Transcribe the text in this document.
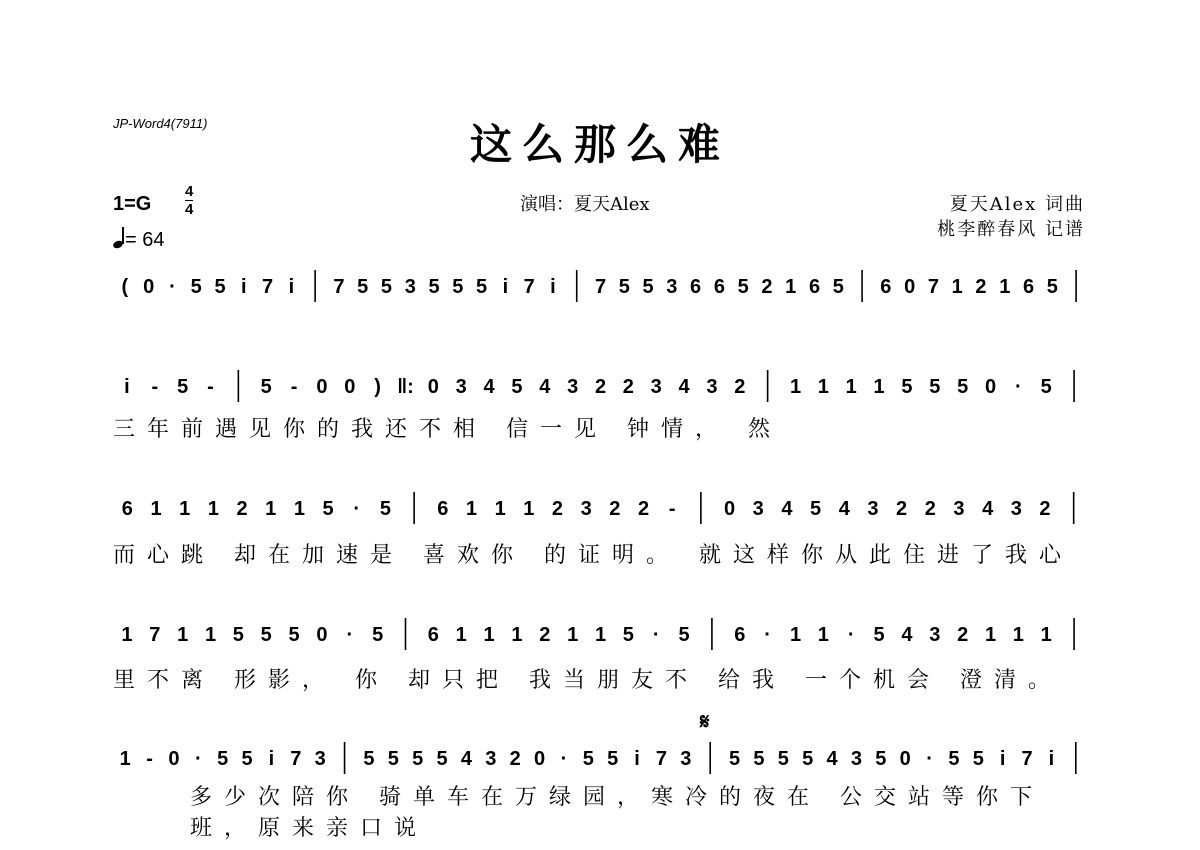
JP-Word4(7911)	这么那么难
1=G
4
4
= 64
演唱：夏天Alex	夏天Alex 词曲
桃李醉春风 记谱
𝄋
( 0 · 5 5 i 7 i 7 5 5 3 5 5 5 i 7 i 7 5 5 3 6 6 5 2 1 6 5 6 0 7 1 2 1 6 5
i - 5 - 5 - 0 0 ) ‖: 0 3 4 5 4 3 2 2 3 4 3 2 1 1 1 1 5 5 5 0 · 5
三年前遇见你的我还不相 信一见 钟情， 然
6 1 1 1 2 1 1 5 · 5 6 1 1 1 2 3 2 2 - 0 3 4 5 4 3 2 2 3 4 3 2
而心跳 却在加速是 喜欢你 的证明。 就这样你从此住进了我心
1 7 1 1 5 5 5 0 · 5 6 1 1 1 2 1 1 5 · 5 6 · 1 1 · 5 4 3 2 1 1 1
里不离 形影， 你 却只把 我当朋友不 给我 一个机会 澄清。
1 - 0 · 5 5 i 7 3 5 5 5 5 4 3 2 0 · 5 5 i 7 3 5 5 5 5 4 3 5 0 · 5 5 i 7 i
多少次陪你 骑单车在万绿园，寒冷的夜在 公交站等你下班，原来亲口说
